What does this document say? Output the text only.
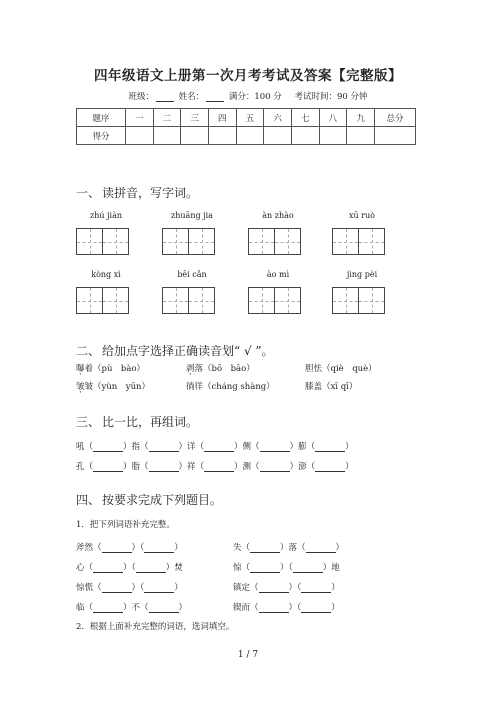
四年级语文上册第一次月考考试及答案【完整版】
班级：	姓名：	满分：100 分 考试时间：90 分钟
题序	一	二	三	四	五	六	七	八	九	总分
得分										
一、 读拼音，写字词。
zhú jiàn	zhuāng jia	àn zhào	xū ruò
kòng xì	bēi cǎn	ào mì	jìng pèi
二、 给加点字选择正确读音划“ √ ”。
曝着（pù　bào）	剥落（bō　bāo）	胆怯（qiè　què）
皱皱（yùn　yūn）	徜徉（cháng shàng）	膝盖（xī qī）
三、 比一比，再组词。
吼（	）指（	）详（	）侧（	）膨（	）
孔（	）脂（	）祥（	）测（	）澎（	）
四、 按要求完成下列题目。
1．把下列词语补充完整。
斧然（	）（	）	失（	）落（	）
心（	）（	）焚	惊（	）（	）地
惊慌（	）（	）	镇定（	）（	）
临（	）不（	）	锲而（	）（	）
2．根据上面补充完整的词语，选词填空。
1 / 7
